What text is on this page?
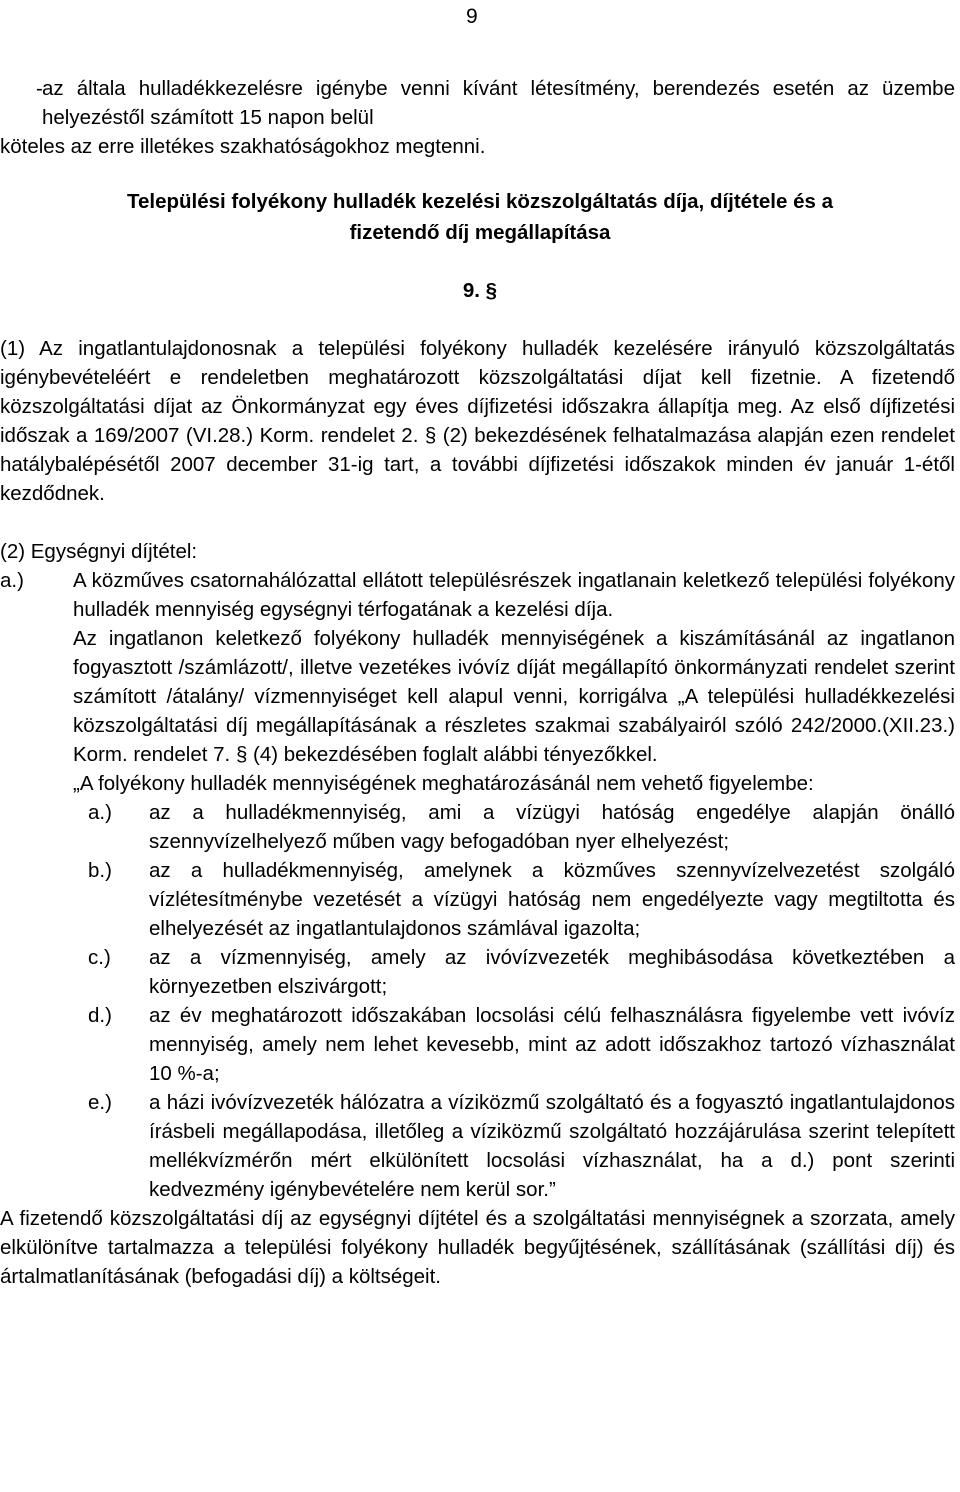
9
- az általa hulladékkezelésre igénybe venni kívánt létesítmény, berendezés esetén az üzembe helyezéstől számított 15 napon belül
köteles az erre illetékes szakhatóságokhoz megtenni.
Települési folyékony hulladék kezelési közszolgáltatás díja, díjtétele és a
fizetendő díj megállapítása
9. §

(1) Az ingatlantulajdonosnak a települési folyékony hulladék kezelésére irányuló közszolgáltatás igénybevételéért e rendeletben meghatározott közszolgáltatási díjat kell fizetnie. A fizetendő közszolgáltatási díjat az Önkormányzat egy éves díjfizetési időszakra állapítja meg. Az első díjfizetési időszak a 169/2007 (VI.28.) Korm. rendelet 2. § (2) bekezdésének felhatalmazása alapján ezen rendelet hatálybalépésétől 2007 december 31-ig tart, a további díjfizetési időszakok minden év január 1-étől kezdődnek.

(2) Egységnyi díjtétel:
a.)	A közműves csatornahálózattal ellátott településrészek ingatlanain keletkező települési folyékony hulladék mennyiség egységnyi térfogatának a kezelési díja.

Az ingatlanon keletkező folyékony hulladék mennyiségének a kiszámításánál az ingatlanon fogyasztott /számlázott/, illetve vezetékes ivóvíz díját megállapító önkormányzati rendelet szerint számított /átalány/ vízmennyiséget kell alapul venni, korrigálva „A települési hulladékkezelési közszolgáltatási díj megállapításának a részletes szakmai szabályairól szóló 242/2000.(XII.23.) Korm. rendelet 7. § (4) bekezdésében foglalt alábbi tényezőkkel.

„A folyékony hulladék mennyiségének meghatározásánál nem vehető figyelembe:

a.)	az a hulladékmennyiség, ami a vízügyi hatóság engedélye alapján önálló szennyvízelhelyező műben vagy befogadóban nyer elhelyezést;
b.)	az a hulladékmennyiség, amelynek a közműves szennyvízelvezetést szolgáló vízlétesítménybe vezetését a vízügyi hatóság nem engedélyezte vagy megtiltotta és elhelyezését az ingatlantulajdonos számlával igazolta;
c.)	az a vízmennyiség, amely az ivóvízvezeték meghibásodása következtében a környezetben elszivárgott;
d.)	az év meghatározott időszakában locsolási célú felhasználásra figyelembe vett ivóvíz mennyiség, amely nem lehet kevesebb, mint az adott időszakhoz tartozó vízhasználat 10 %-a;
e.)	a házi ivóvízvezeték hálózatra a víziközmű szolgáltató és a fogyasztó ingatlantulajdonos írásbeli megállapodása, illetőleg a víziközmű szolgáltató hozzájárulása szerint telepített mellékvízmérőn mért elkülönített locsolási vízhasználat, ha a d.) pont szerinti kedvezmény igénybevételére nem kerül sor.”

A fizetendő közszolgáltatási díj az egységnyi díjtétel és a szolgáltatási mennyiségnek a szorzata, amely elkülönítve tartalmazza a települési folyékony hulladék begyűjtésének, szállításának (szállítási díj) és ártalmatlanításának (befogadási díj) a költségeit.
